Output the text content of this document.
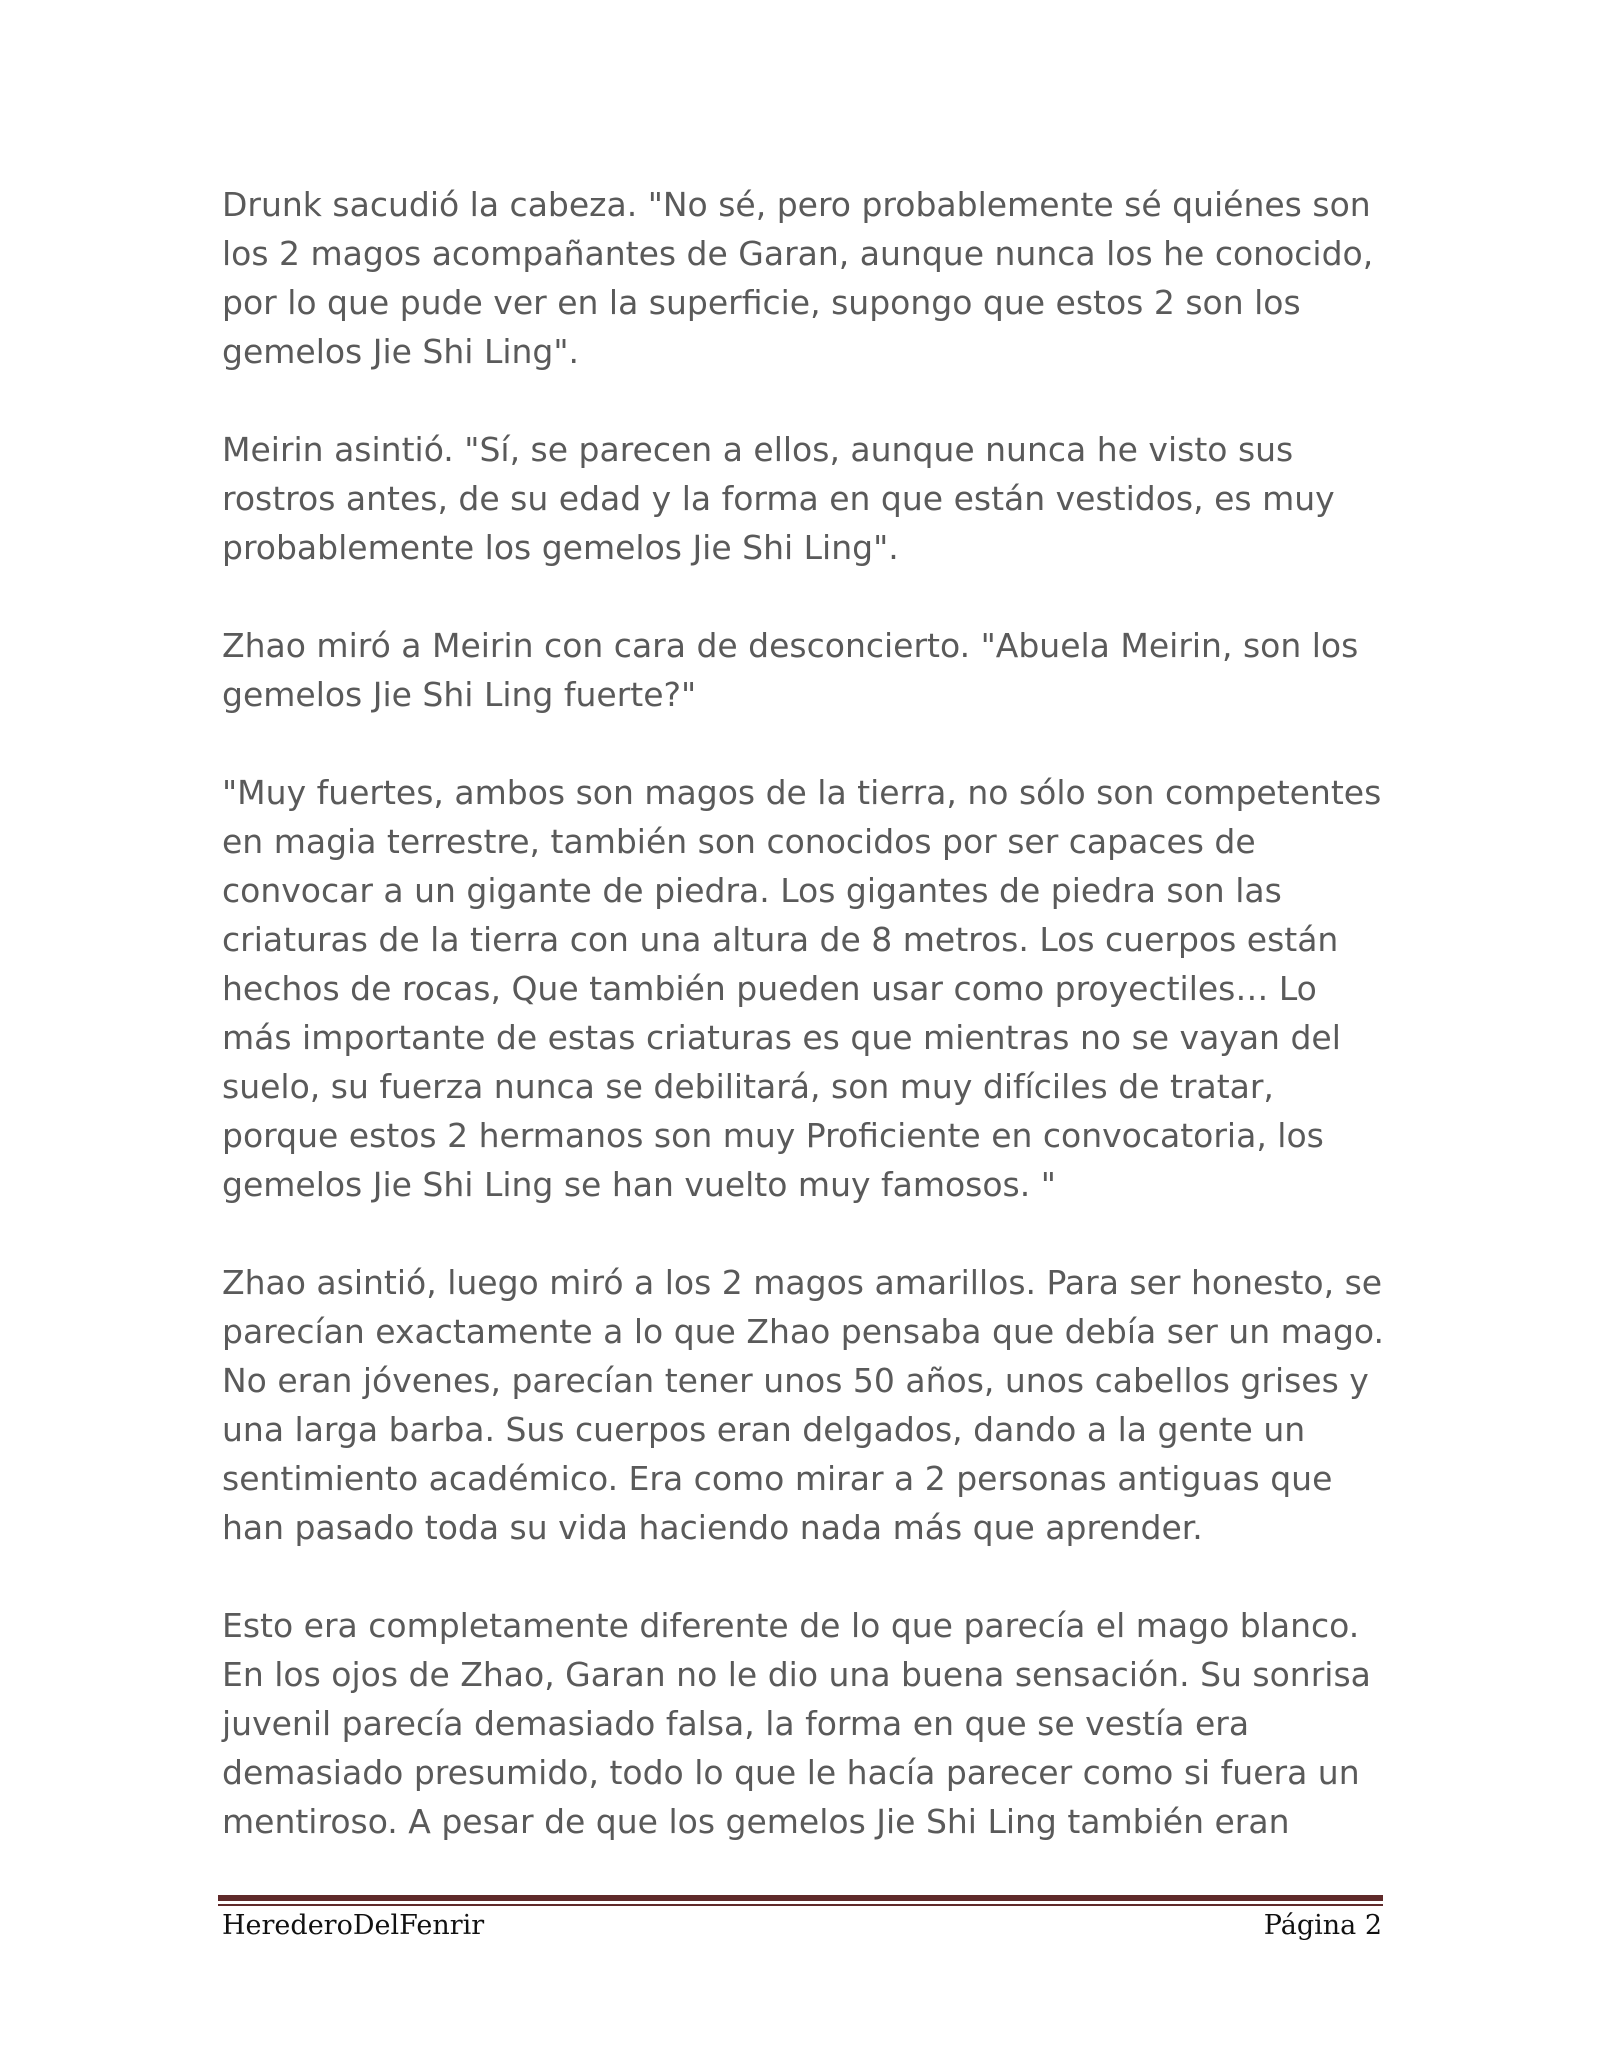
Drunk sacudió la cabeza. "No sé, pero probablemente sé quiénes son los 2 magos acompañantes de Garan, aunque nunca los he conocido, por lo que pude ver en la superficie, supongo que estos 2 son los gemelos Jie Shi Ling".

Meirin asintió. "Sí, se parecen a ellos, aunque nunca he visto sus rostros antes, de su edad y la forma en que están vestidos, es muy probablemente los gemelos Jie Shi Ling".

Zhao miró a Meirin con cara de desconcierto. "Abuela Meirin, son los gemelos Jie Shi Ling fuerte?"

"Muy fuertes, ambos son magos de la tierra, no sólo son competentes en magia terrestre, también son conocidos por ser capaces de convocar a un gigante de piedra. Los gigantes de piedra son las criaturas de la tierra con una altura de 8 metros. Los cuerpos están hechos de rocas, Que también pueden usar como proyectiles… Lo más importante de estas criaturas es que mientras no se vayan del suelo, su fuerza nunca se debilitará, son muy difíciles de tratar, porque estos 2 hermanos son muy Proficiente en convocatoria, los gemelos Jie Shi Ling se han vuelto muy famosos. "

Zhao asintió, luego miró a los 2 magos amarillos. Para ser honesto, se parecían exactamente a lo que Zhao pensaba que debía ser un mago. No eran jóvenes, parecían tener unos 50 años, unos cabellos grises y una larga barba. Sus cuerpos eran delgados, dando a la gente un sentimiento académico. Era como mirar a 2 personas antiguas que han pasado toda su vida haciendo nada más que aprender.

Esto era completamente diferente de lo que parecía el mago blanco. En los ojos de Zhao, Garan no le dio una buena sensación. Su sonrisa juvenil parecía demasiado falsa, la forma en que se vestía era demasiado presumido, todo lo que le hacía parecer como si fuera un mentiroso. A pesar de que los gemelos Jie Shi Ling también eran

HerederoDelFenrir	Página 2
